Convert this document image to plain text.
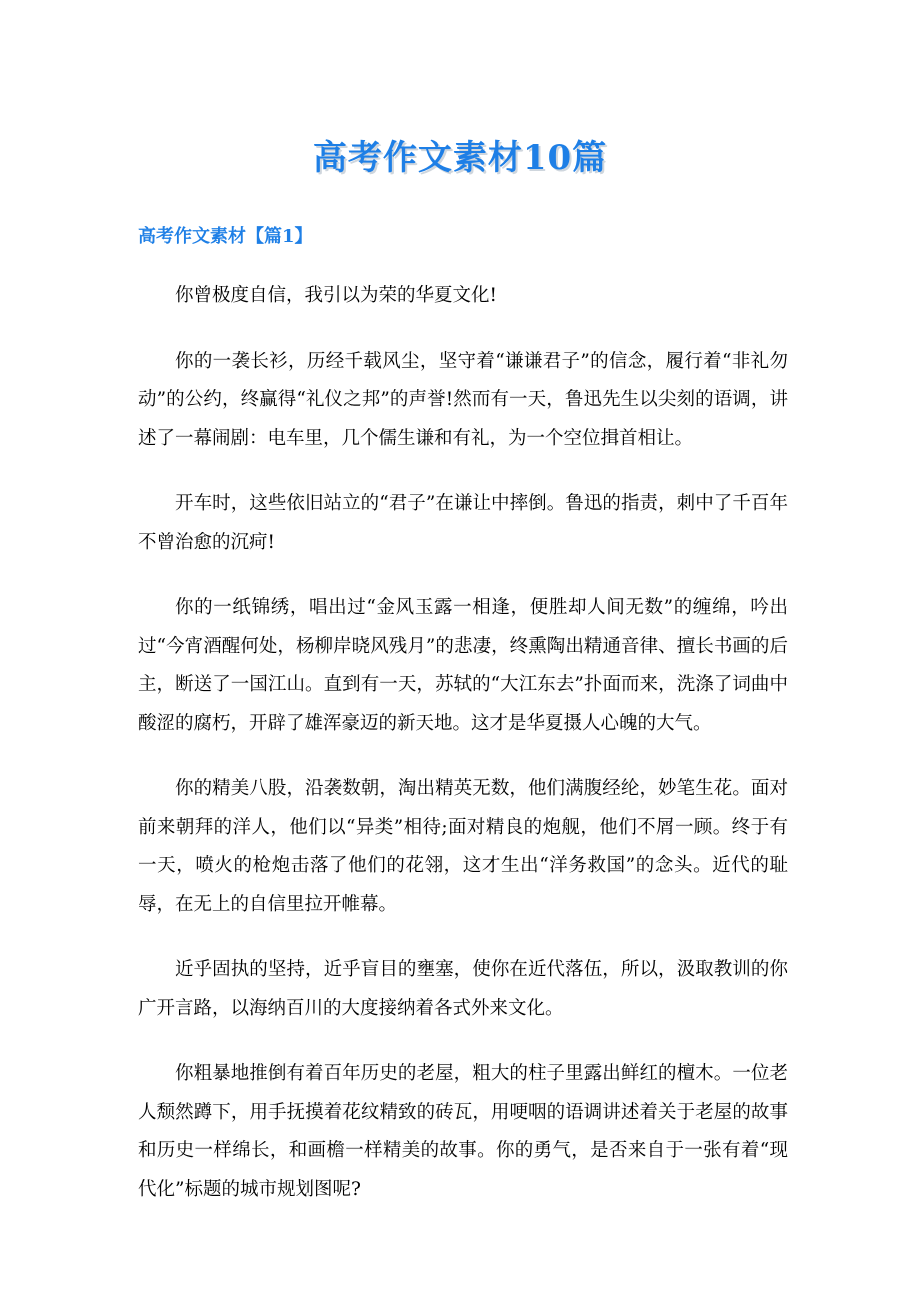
高考作文素材10篇
高考作文素材【篇1】

你曾极度自信，我引以为荣的华夏文化!

你的一袭长衫，历经千载风尘，坚守着“谦谦君子”的信念，履行着“非礼勿动”的公约，终赢得“礼仪之邦”的声誉!然而有一天，鲁迅先生以尖刻的语调，讲述了一幕闹剧：电车里，几个儒生谦和有礼，为一个空位揖首相让。

开车时，这些依旧站立的“君子”在谦让中摔倒。鲁迅的指责，刺中了千百年不曾治愈的沉疴!

你的一纸锦绣，唱出过“金风玉露一相逢，便胜却人间无数”的缠绵，吟出过“今宵酒醒何处，杨柳岸晓风残月”的悲凄，终熏陶出精通音律、擅长书画的后主，断送了一国江山。直到有一天，苏轼的“大江东去”扑面而来，洗涤了词曲中酸涩的腐朽，开辟了雄浑豪迈的新天地。这才是华夏摄人心魄的大气。

你的精美八股，沿袭数朝，淘出精英无数，他们满腹经纶，妙笔生花。面对前来朝拜的洋人，他们以“异类”相待;面对精良的炮舰，他们不屑一顾。终于有一天，喷火的枪炮击落了他们的花翎，这才生出“洋务救国”的念头。近代的耻辱，在无上的自信里拉开帷幕。

近乎固执的坚持，近乎盲目的壅塞，使你在近代落伍，所以，汲取教训的你广开言路，以海纳百川的大度接纳着各式外来文化。

你粗暴地推倒有着百年历史的老屋，粗大的柱子里露出鲜红的檀木。一位老人颓然蹲下，用手抚摸着花纹精致的砖瓦，用哽咽的语调讲述着关于老屋的故事和历史一样绵长，和画檐一样精美的故事。你的勇气，是否来自于一张有着“现代化”标题的城市规划图呢?
